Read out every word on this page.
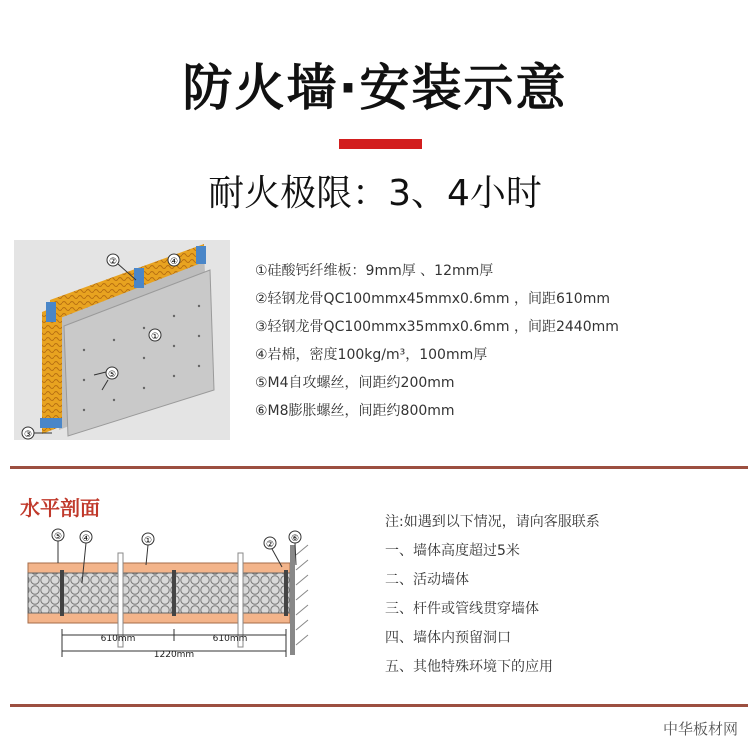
防火墙·安装示意
耐火极限：3、4小时
①
②
③
④
⑤
①硅酸钙纤维板：9mm厚 、12mm厚
②轻钢龙骨QC100mmx45mmx0.6mm ，间距610mm
③轻钢龙骨QC100mmx35mmx0.6mm ，间距2440mm
④岩棉，密度100kg/m³，100mm厚
⑤M4自攻螺丝，间距约200mm
⑥M8膨胀螺丝，间距约800mm
水平剖面
⑤ ④	①	②
⑥
610mm	610mm
1220mm
注:如遇到以下情况，请向客服联系
一、墙体高度超过5米
二、活动墙体
三、杆件或管线贯穿墙体
四、墙体内预留洞口
五、其他特殊环境下的应用
中华板材网
